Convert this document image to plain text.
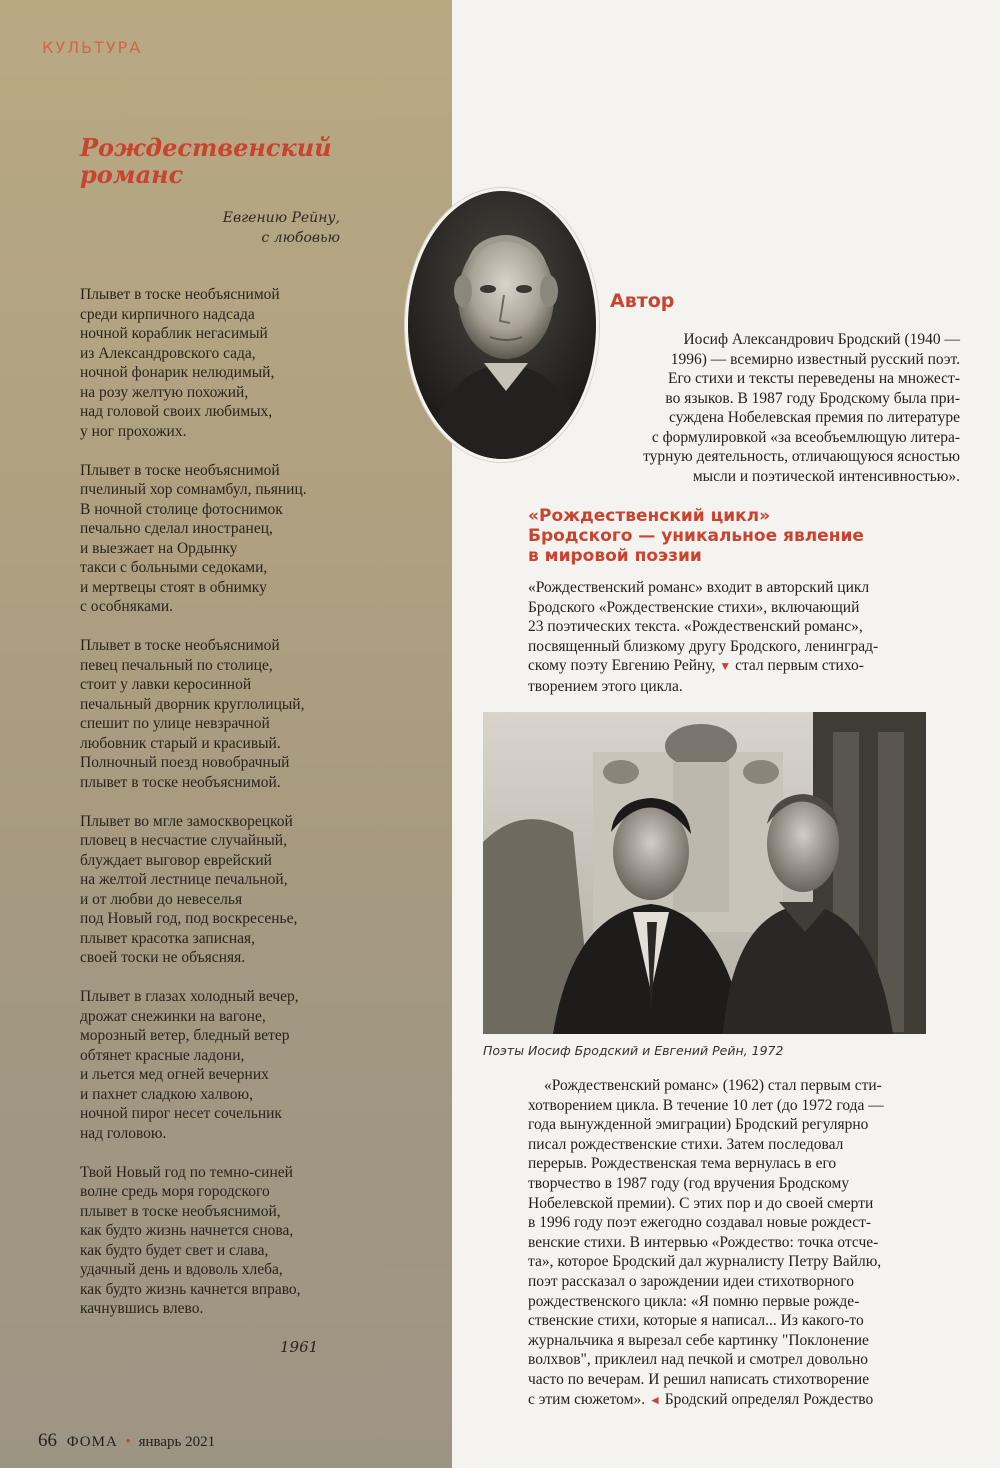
КУЛЬТУРА
Рождественский
романс
Евгению Рейну,
с любовью
Плывет в тоске необъяснимой
среди кирпичного надсада
ночной кораблик негасимый
из Александровского сада,
ночной фонарик нелюдимый,
на розу желтую похожий,
над головой своих любимых,
у ног прохожих.
Плывет в тоске необъяснимой
пчелиный хор сомнамбул, пьяниц.
В ночной столице фотоснимок
печально сделал иностранец,
и выезжает на Ордынку
такси с больными седоками,
и мертвецы стоят в обнимку
с особняками.
Плывет в тоске необъяснимой
певец печальный по столице,
стоит у лавки керосинной
печальный дворник круглолицый,
спешит по улице невзрачной
любовник старый и красивый.
Полночный поезд новобрачный
плывет в тоске необъяснимой.
Плывет во мгле замоскворецкой
пловец в несчастие случайный,
блуждает выговор еврейский
на желтой лестнице печальной,
и от любви до невеселья
под Новый год, под воскресенье,
плывет красотка записная,
своей тоски не объясняя.
Плывет в глазах холодный вечер,
дрожат снежинки на вагоне,
морозный ветер, бледный ветер
обтянет красные ладони,
и льется мед огней вечерних
и пахнет сладкою халвою,
ночной пирог несет сочельник
над головою.
Твой Новый год по темно-синей
волне средь моря городского
плывет в тоске необъяснимой,
как будто жизнь начнется снова,
как будто будет свет и слава,
удачный день и вдоволь хлеба,
как будто жизнь качнется вправо,
качнувшись влево.
1961
Автор
Иосиф Александрович Бродский (1940 —
1996) — всемирно известный русский поэт.
Его стихи и тексты переведены на множест-
во языков. В 1987 году Бродскому была при-
суждена Нобелевская премия по литературе
с формулировкой «за всеобъемлющую литера-
турную деятельность, отличающуюся ясностью
мысли и поэтической интенсивностью».
«Рождественский цикл»
Бродского — уникальное явление
в мировой поэзии
«Рождественский романс» входит в авторский цикл
Бродского «Рождественские стихи», включающий
23 поэтических текста. «Рождественский романс»,
посвященный близкому другу Бродского, ленинград-
скому поэту Евгению Рейну, ▼ стал первым стихо-
творением этого цикла.
Поэты Иосиф Бродский и Евгений Рейн, 1972
«Рождественский романс» (1962) стал первым сти-
хотворением цикла. В течение 10 лет (до 1972 года —
года вынужденной эмиграции) Бродский регулярно
писал рождественские стихи. Затем последовал
перерыв. Рождественская тема вернулась в его
творчество в 1987 году (год вручения Бродскому
Нобелевской премии). С этих пор и до своей смерти
в 1996 году поэт ежегодно создавал новые рождест-
венские стихи. В интервью «Рождество: точка отсче-
та», которое Бродский дал журналисту Петру Вайлю,
поэт рассказал о зарождении идеи стихотворного
рождественского цикла: «Я помню первые рожде-
ственские стихи, которые я написал... Из какого-то
журнальчика я вырезал себе картинку "Поклонение
волхвов", приклеил над печкой и смотрел довольно
часто по вечерам. И решил написать стихотворение
с этим сюжетом». ◄ Бродский определял Рождество
66 ФОМА • январь 2021
